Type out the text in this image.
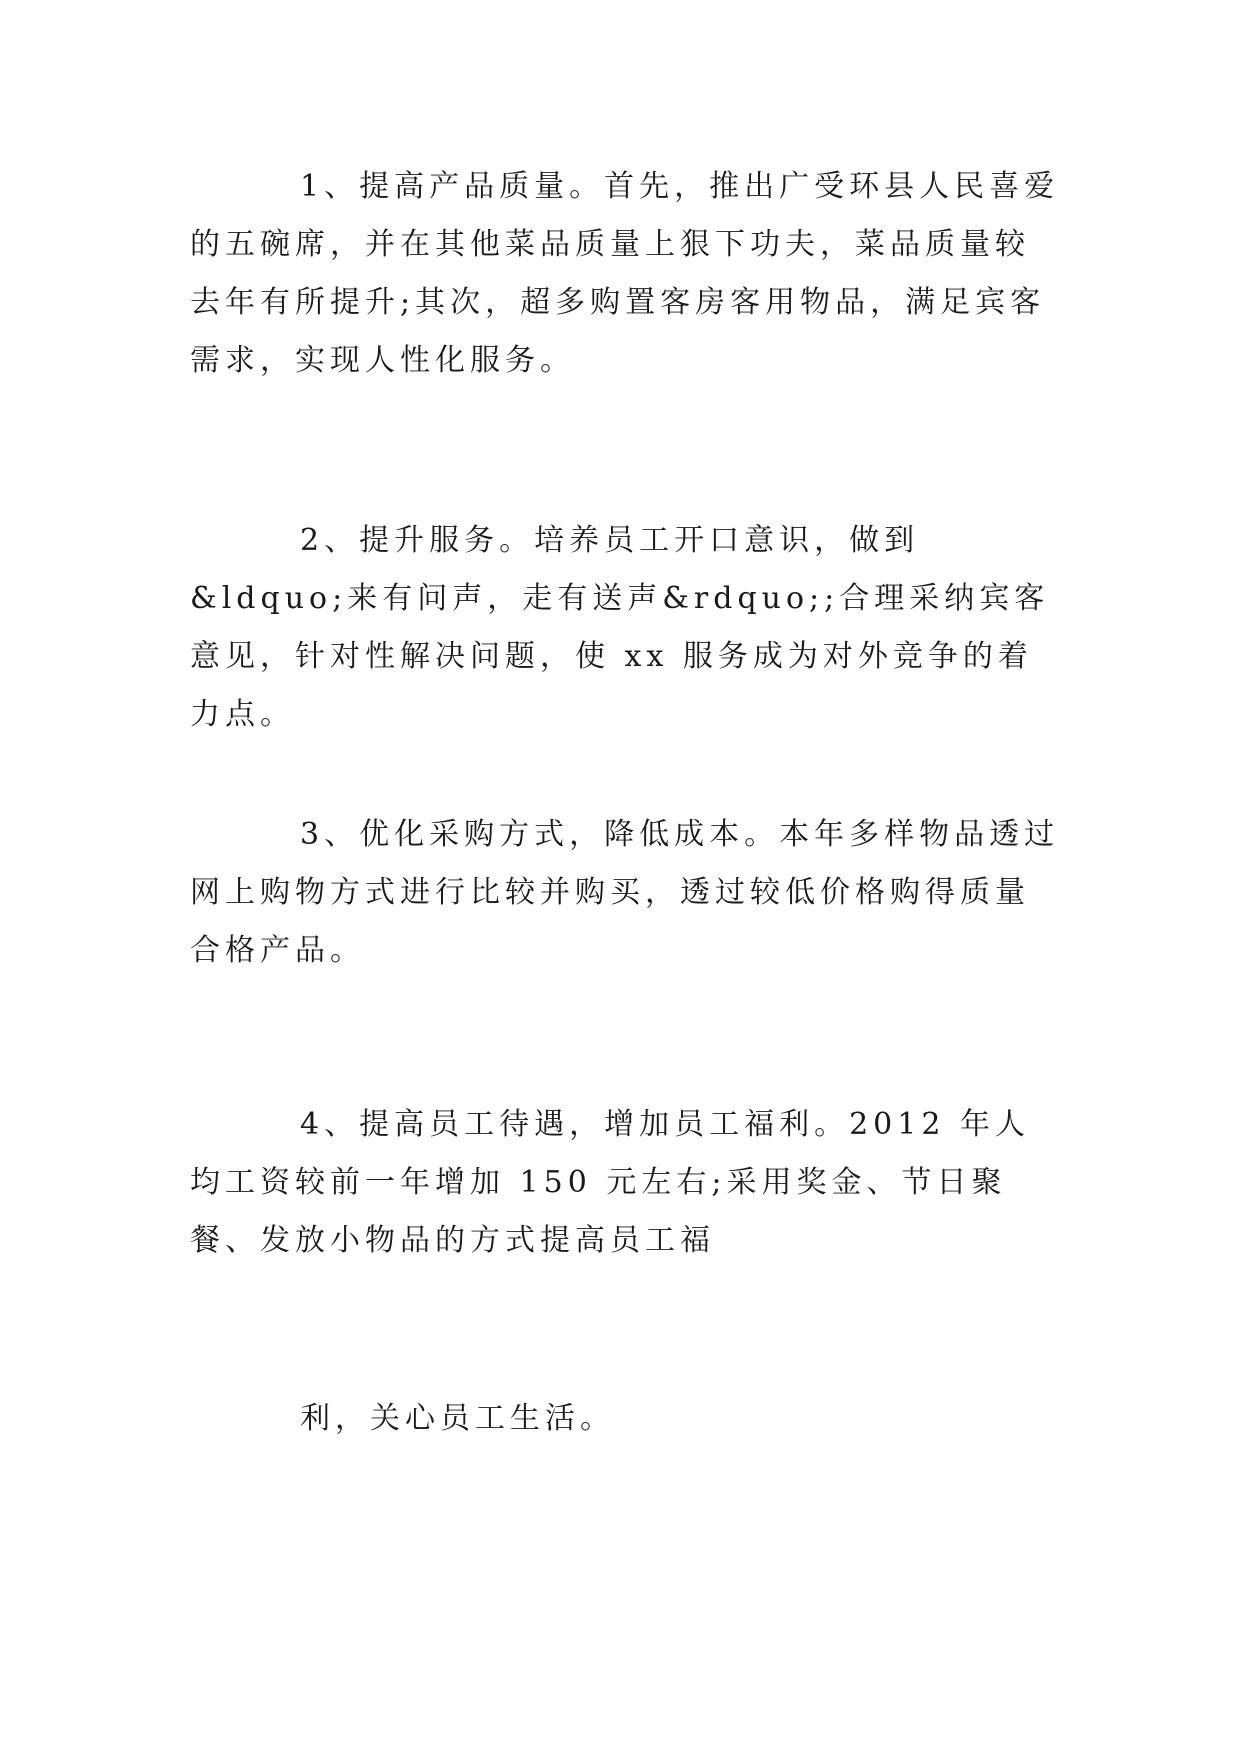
1、提高产品质量。首先，推出广受环县人民喜爱的五碗席，并在其他菜品质量上狠下功夫，菜品质量较去年有所提升;其次，超多购置客房客用物品，满足宾客需求，实现人性化服务。

2、提升服务。培养员工开口意识，做到&ldquo;来有问声，走有送声&rdquo;;合理采纳宾客意见，针对性解决问题，使 xx 服务成为对外竞争的着力点。

3、优化采购方式，降低成本。本年多样物品透过网上购物方式进行比较并购买，透过较低价格购得质量合格产品。

4、提高员工待遇，增加员工福利。2012 年人均工资较前一年增加 150 元左右;采用奖金、节日聚餐、发放小物品的方式提高员工福

利，关心员工生活。
